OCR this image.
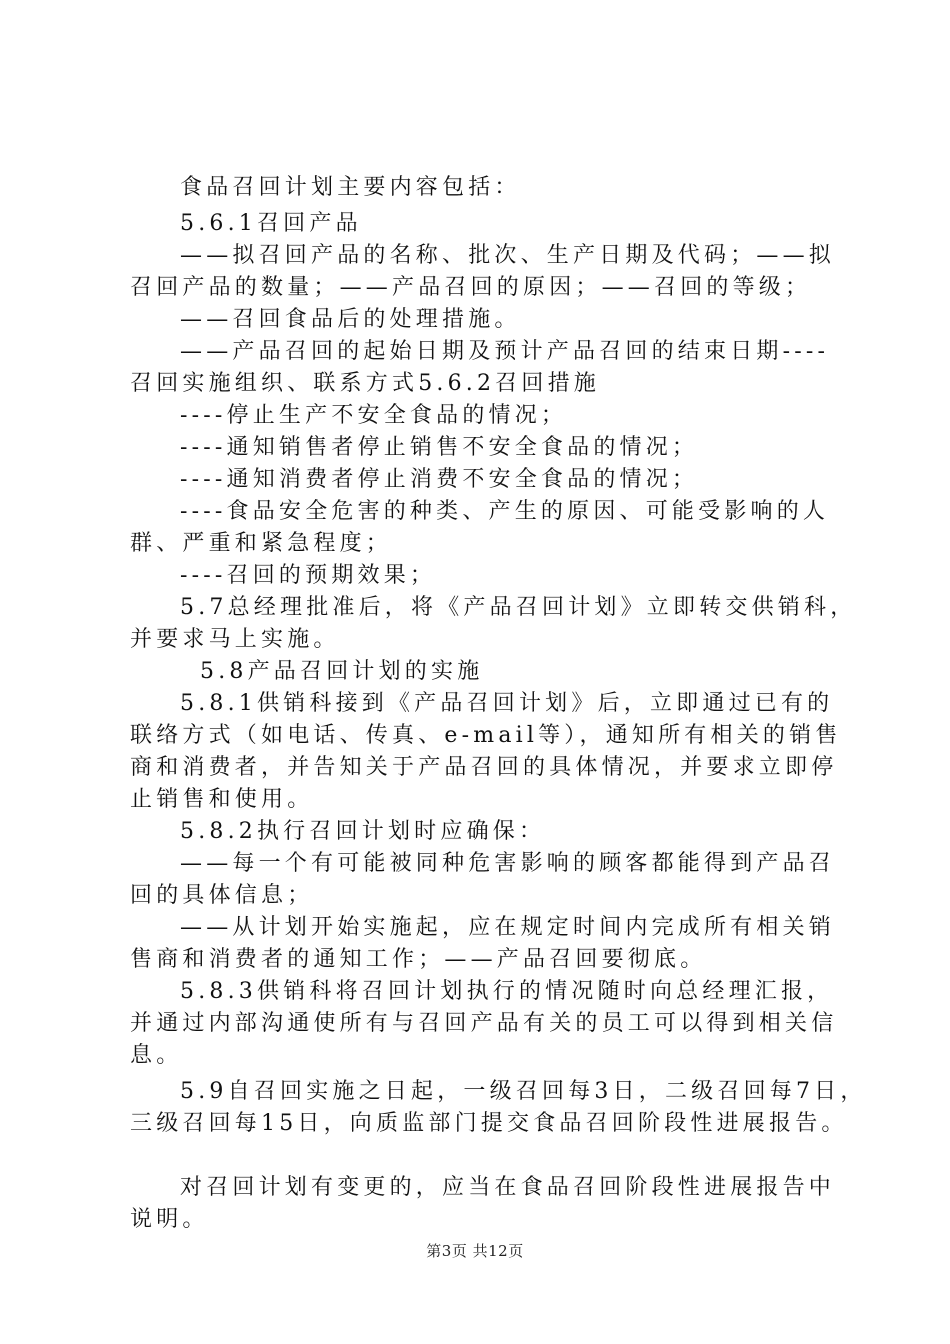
食品召回计划主要内容包括：
5.6.1召回产品
——拟召回产品的名称、批次、生产日期及代码；——拟
召回产品的数量；——产品召回的原因；——召回的等级；
——召回食品后的处理措施。
——产品召回的起始日期及预计产品召回的结束日期----
召回实施组织、联系方式5.6.2召回措施
----停止生产不安全食品的情况；
----通知销售者停止销售不安全食品的情况；
----通知消费者停止消费不安全食品的情况；
----食品安全危害的种类、产生的原因、可能受影响的人
群、严重和紧急程度；
----召回的预期效果；
5.7总经理批准后，将《产品召回计划》立即转交供销科，
并要求马上实施。
5.8产品召回计划的实施
5.8.1供销科接到《产品召回计划》后，立即通过已有的
联络方式（如电话、传真、e-mail等），通知所有相关的销售
商和消费者，并告知关于产品召回的具体情况，并要求立即停
止销售和使用。
5.8.2执行召回计划时应确保：
——每一个有可能被同种危害影响的顾客都能得到产品召
回的具体信息；
——从计划开始实施起，应在规定时间内完成所有相关销
售商和消费者的通知工作；——产品召回要彻底。
5.8.3供销科将召回计划执行的情况随时向总经理汇报，
并通过内部沟通使所有与召回产品有关的员工可以得到相关信
息。
5.9自召回实施之日起，一级召回每3日，二级召回每7日，
三级召回每15日，向质监部门提交食品召回阶段性进展报告。
对召回计划有变更的，应当在食品召回阶段性进展报告中
说明。
第3页 共12页
